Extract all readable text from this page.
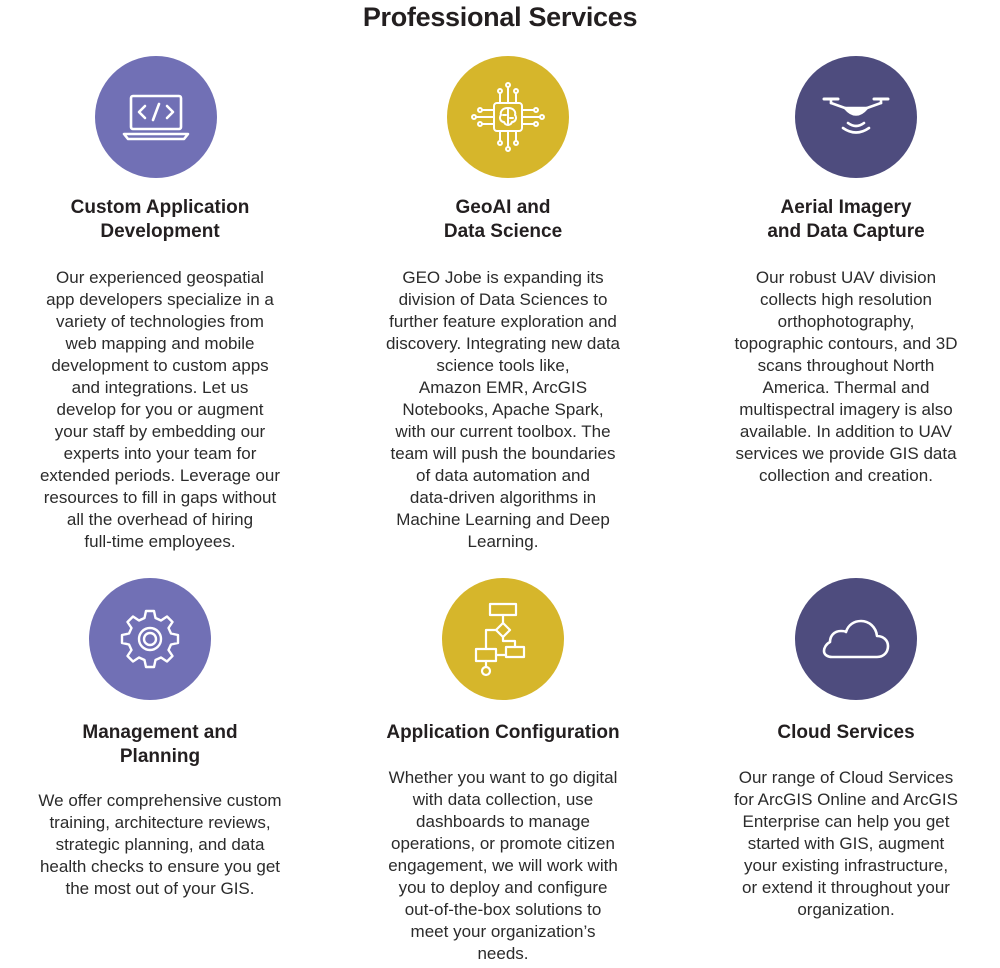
Professional Services
Custom Application
Development

Our experienced geospatial
app developers specialize in a
variety of technologies from
web mapping and mobile
development to custom apps
and integrations. Let us
develop for you or augment
your staff by embedding our
experts into your team for
extended periods. Leverage our
resources to fill in gaps without
all the overhead of hiring
full-time employees.

GeoAI and
Data Science

GEO Jobe is expanding its
division of Data Sciences to
further feature exploration and
discovery. Integrating new data
science tools like,
Amazon EMR, ArcGIS
Notebooks, Apache Spark,
with our current toolbox. The
team will push the boundaries
of data automation and
data-driven algorithms in
Machine Learning and Deep
Learning.

Aerial Imagery
and Data Capture

Our robust UAV division
collects high resolution
orthophotography,
topographic contours, and 3D
scans throughout North
America. Thermal and
multispectral imagery is also
available. In addition to UAV
services we provide GIS data
collection and creation.

Management and
Planning

We offer comprehensive custom
training, architecture reviews,
strategic planning, and data
health checks to ensure you get
the most out of your GIS.

Application Configuration

Whether you want to go digital
with data collection, use
dashboards to manage
operations, or promote citizen
engagement, we will work with
you to deploy and configure
out-of-the-box solutions to
meet your organization’s
needs.

Cloud Services

Our range of Cloud Services
for ArcGIS Online and ArcGIS
Enterprise can help you get
started with GIS, augment
your existing infrastructure,
or extend it throughout your
organization.
